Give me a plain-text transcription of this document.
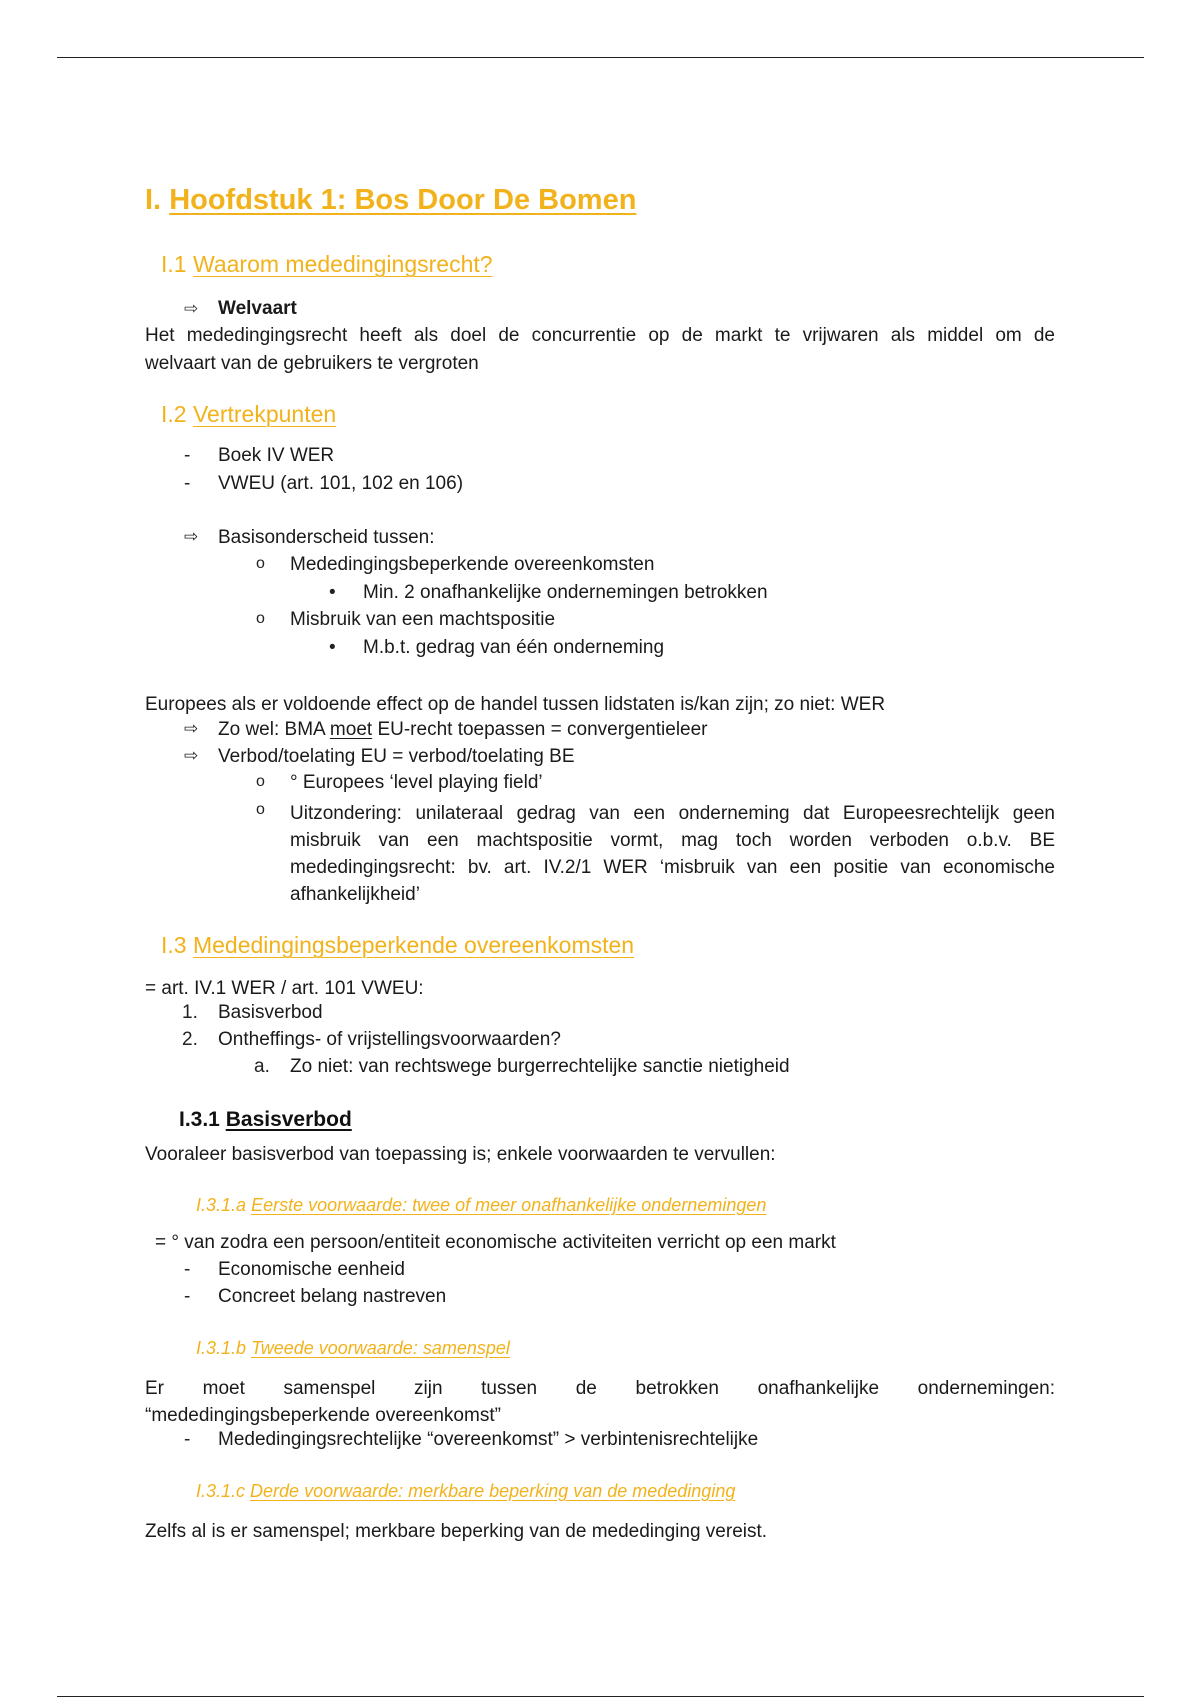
I. Hoofdstuk 1: Bos Door De Bomen
I.1 Waarom mededingingsrecht?
⇨ Welvaart
Het mededingingsrecht heeft als doel de concurrentie op de markt te vrijwaren als middel om de
welvaart van de gebruikers te vergroten
I.2 Vertrekpunten
- Boek IV WER
- VWEU (art. 101, 102 en 106)
⇨ Basisonderscheid tussen:
o Mededingingsbeperkende overeenkomsten
• Min. 2 onafhankelijke ondernemingen betrokken
o Misbruik van een machtspositie
• M.b.t. gedrag van één onderneming
Europees als er voldoende effect op de handel tussen lidstaten is/kan zijn; zo niet: WER
⇨ Zo wel: BMA moet EU-recht toepassen = convergentieleer
⇨ Verbod/toelating EU = verbod/toelating BE
o ° Europees ‘level playing field’
o Uitzondering: unilateraal gedrag van een onderneming dat Europeesrechtelijk geen
misbruik van een machtspositie vormt, mag toch worden verboden o.b.v. BE
mededingingsrecht: bv. art. IV.2/1 WER ‘misbruik van een positie van economische
afhankelijkheid’
I.3 Mededingingsbeperkende overeenkomsten
= art. IV.1 WER / art. 101 VWEU:
1. Basisverbod
2. Ontheffings- of vrijstellingsvoorwaarden?
a. Zo niet: van rechtswege burgerrechtelijke sanctie nietigheid
I.3.1 Basisverbod
Vooraleer basisverbod van toepassing is; enkele voorwaarden te vervullen:
I.3.1.a Eerste voorwaarde: twee of meer onafhankelijke ondernemingen
= ° van zodra een persoon/entiteit economische activiteiten verricht op een markt
- Economische eenheid
- Concreet belang nastreven
I.3.1.b Tweede voorwaarde: samenspel
Er moet samenspel zijn tussen de betrokken onafhankelijke ondernemingen:
“mededingingsbeperkende overeenkomst”
- Mededingingsrechtelijke “overeenkomst” > verbintenisrechtelijke
I.3.1.c Derde voorwaarde: merkbare beperking van de mededinging
Zelfs al is er samenspel; merkbare beperking van de mededinging vereist.
